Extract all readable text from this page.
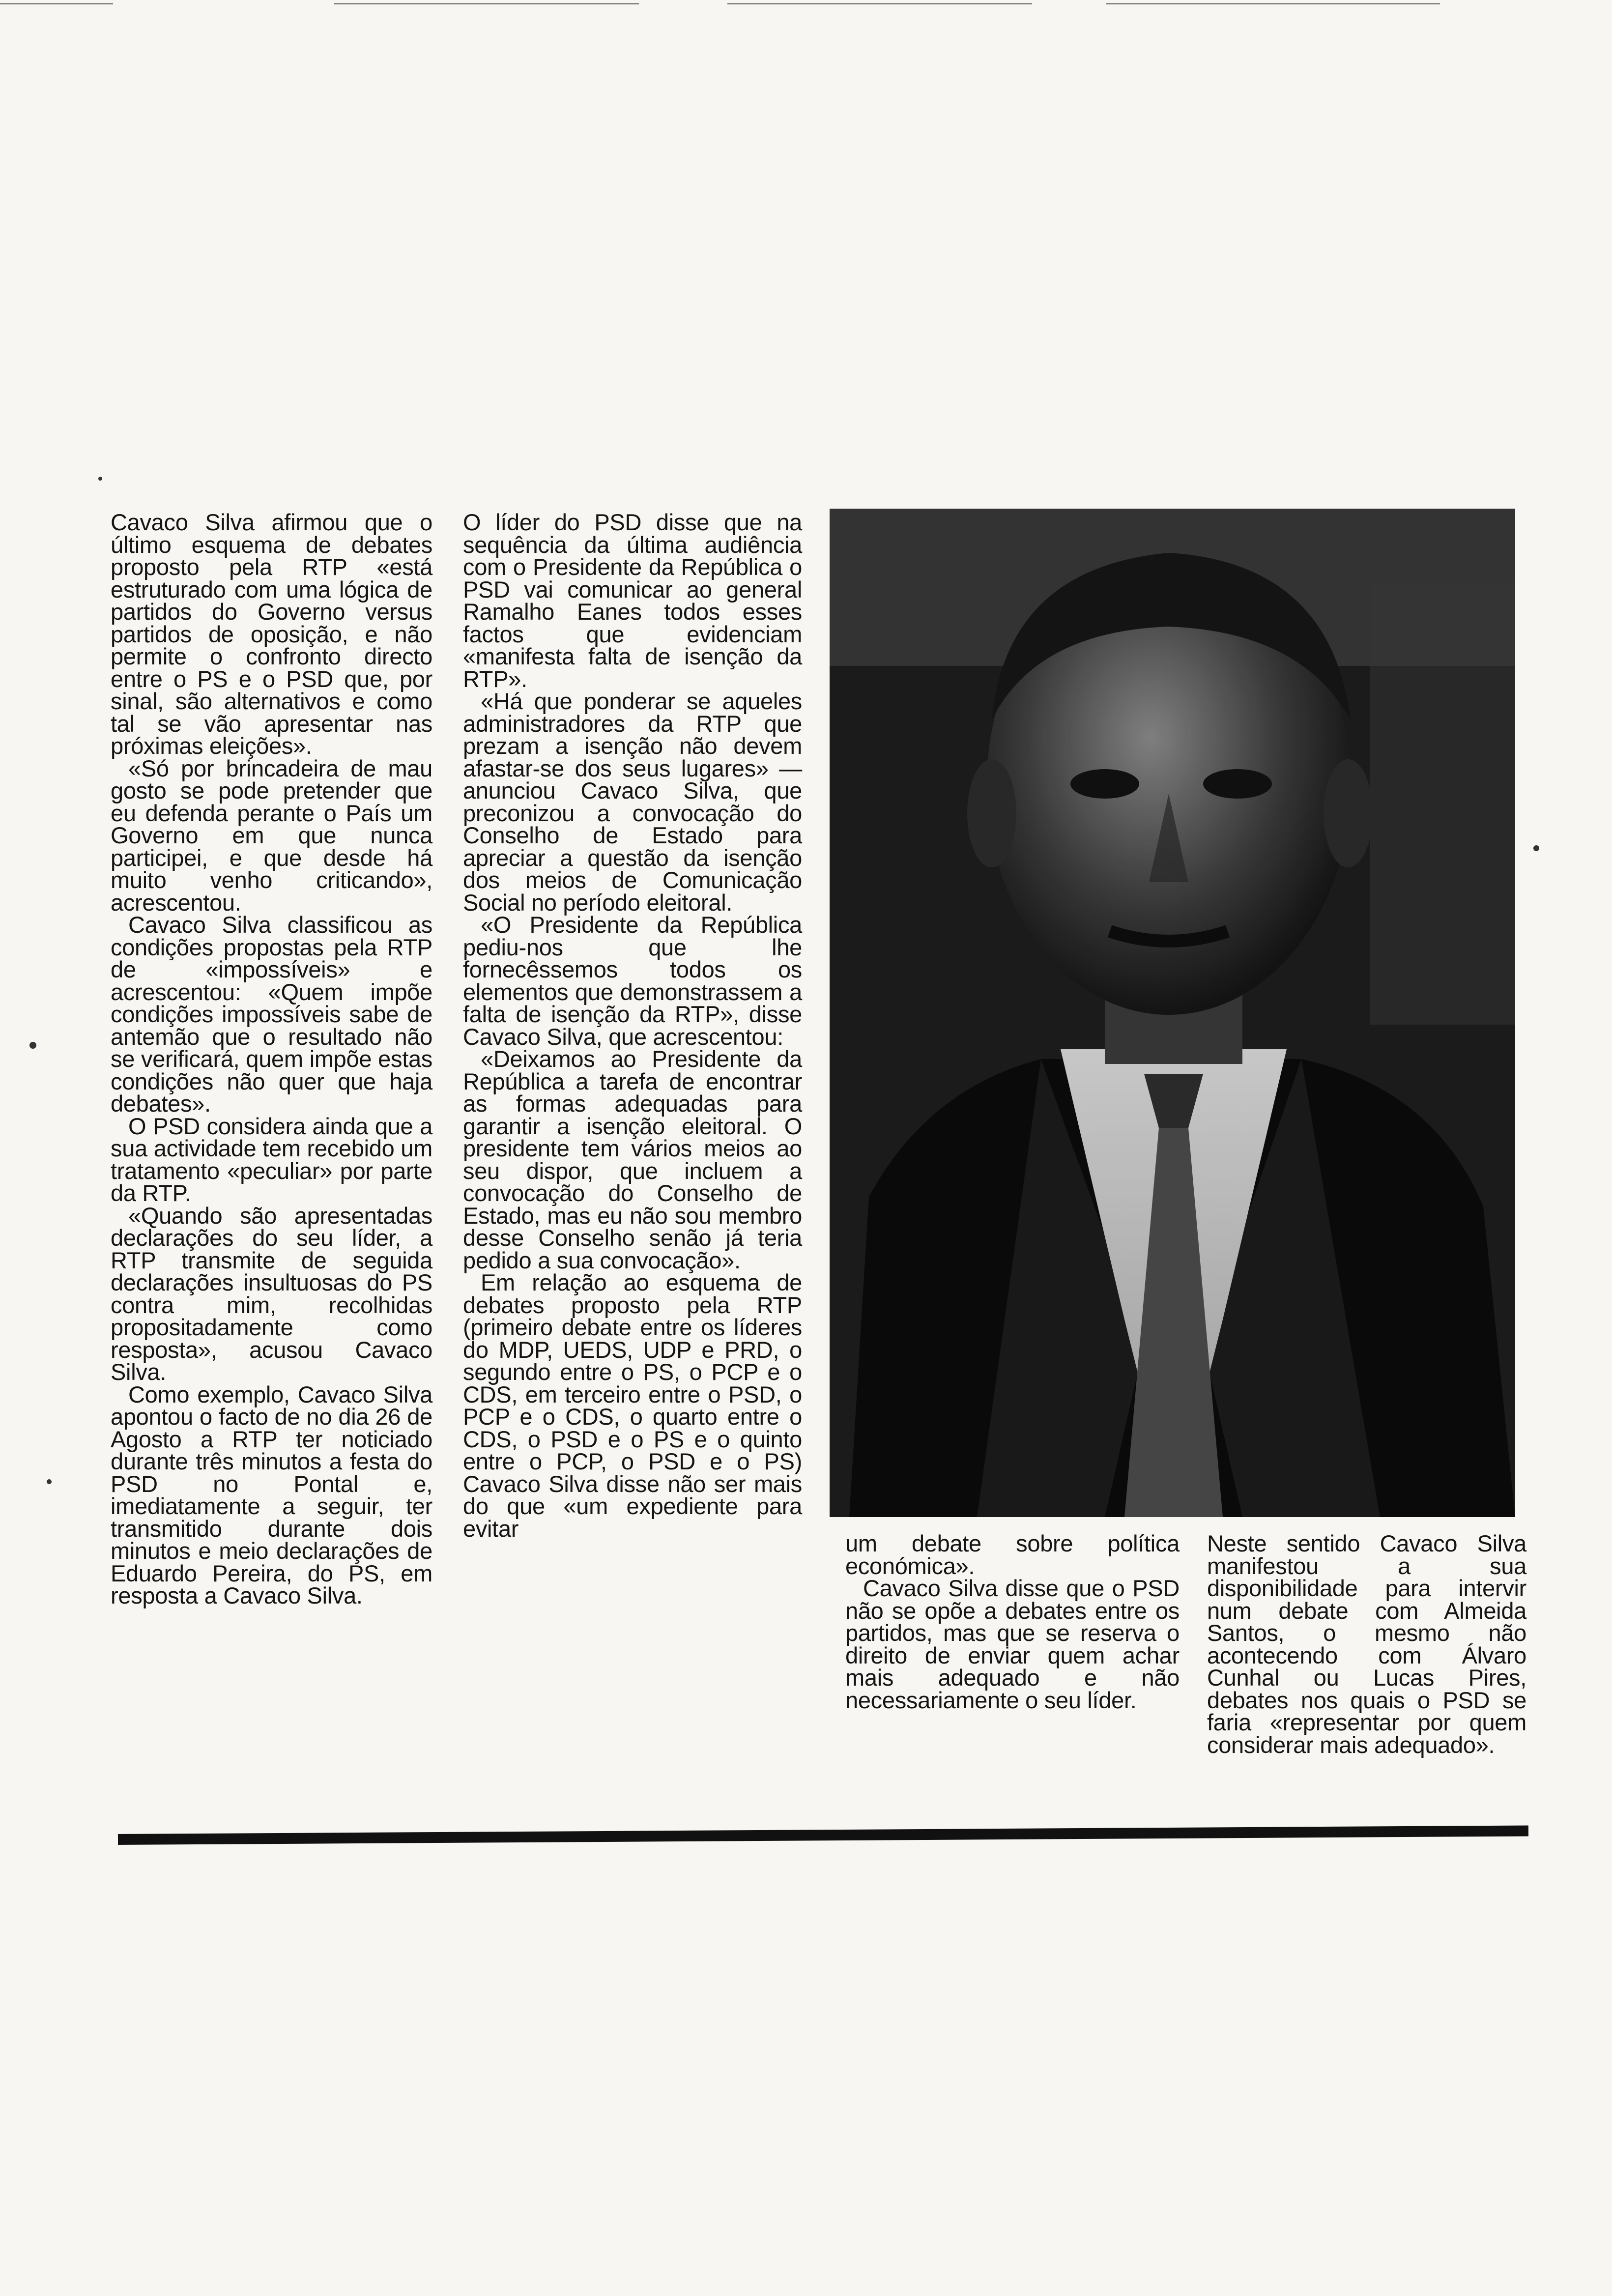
Cavaco Silva afirmou que o último esquema de debates proposto pela RTP «está estruturado com uma lógica de partidos do Governo versus partidos de oposição, e não permite o confronto directo entre o PS e o PSD que, por sinal, são alternativos e como tal se vão apresentar nas próximas eleições».

«Só por brincadeira de mau gosto se pode pretender que eu defenda perante o País um Governo em que nunca participei, e que desde há muito venho criticando», acrescentou.

Cavaco Silva classificou as condições propostas pela RTP de «impossíveis» e acrescentou: «Quem impõe condições impossíveis sabe de antemão que o resultado não se verificará, quem impõe estas condições não quer que haja debates».

O PSD considera ainda que a sua actividade tem recebido um tratamento «peculiar» por parte da RTP.

«Quando são apresentadas declarações do seu líder, a RTP transmite de seguida declarações insultuosas do PS contra mim, recolhidas propositadamente como resposta», acusou Cavaco Silva.

Como exemplo, Cavaco Silva apontou o facto de no dia 26 de Agosto a RTP ter noticiado durante três minutos a festa do PSD no Pontal e, imediatamente a seguir, ter transmitido durante dois minutos e meio declarações de Eduardo Pereira, do PS, em resposta a Cavaco Silva.

O líder do PSD disse que na sequência da última audiência com o Presidente da República o PSD vai comunicar ao general Ramalho Eanes todos esses factos que evidenciam «manifesta falta de isenção da RTP».

«Há que ponderar se aqueles administradores da RTP que prezam a isenção não devem afastar-se dos seus lugares» — anunciou Cavaco Silva, que preconizou a convocação do Conselho de Estado para apreciar a questão da isenção dos meios de Comunicação Social no período eleitoral.

«O Presidente da República pediu-nos que lhe fornecêssemos todos os elementos que demonstrassem a falta de isenção da RTP», disse Cavaco Silva, que acrescentou:

«Deixamos ao Presidente da República a tarefa de encontrar as formas adequadas para garantir a isenção eleitoral. O presidente tem vários meios ao seu dispor, que incluem a convocação do Conselho de Estado, mas eu não sou membro desse Conselho senão já teria pedido a sua convocação».

Em relação ao esquema de debates proposto pela RTP (primeiro debate entre os líderes do MDP, UEDS, UDP e PRD, o segundo entre o PS, o PCP e o CDS, em terceiro entre o PSD, o PCP e o CDS, o quarto entre o CDS, o PSD e o PS e o quinto entre o PCP, o PSD e o PS) Cavaco Silva disse não ser mais do que «um expediente para evitar

um debate sobre política económica».

Cavaco Silva disse que o PSD não se opõe a debates entre os partidos, mas que se reserva o direito de enviar quem achar mais adequado e não necessariamente o seu líder.

Neste sentido Cavaco Silva manifestou a sua disponibilidade para intervir num debate com Almeida Santos, o mesmo não acontecendo com Álvaro Cunhal ou Lucas Pires, debates nos quais o PSD se faria «representar por quem considerar mais adequado».
